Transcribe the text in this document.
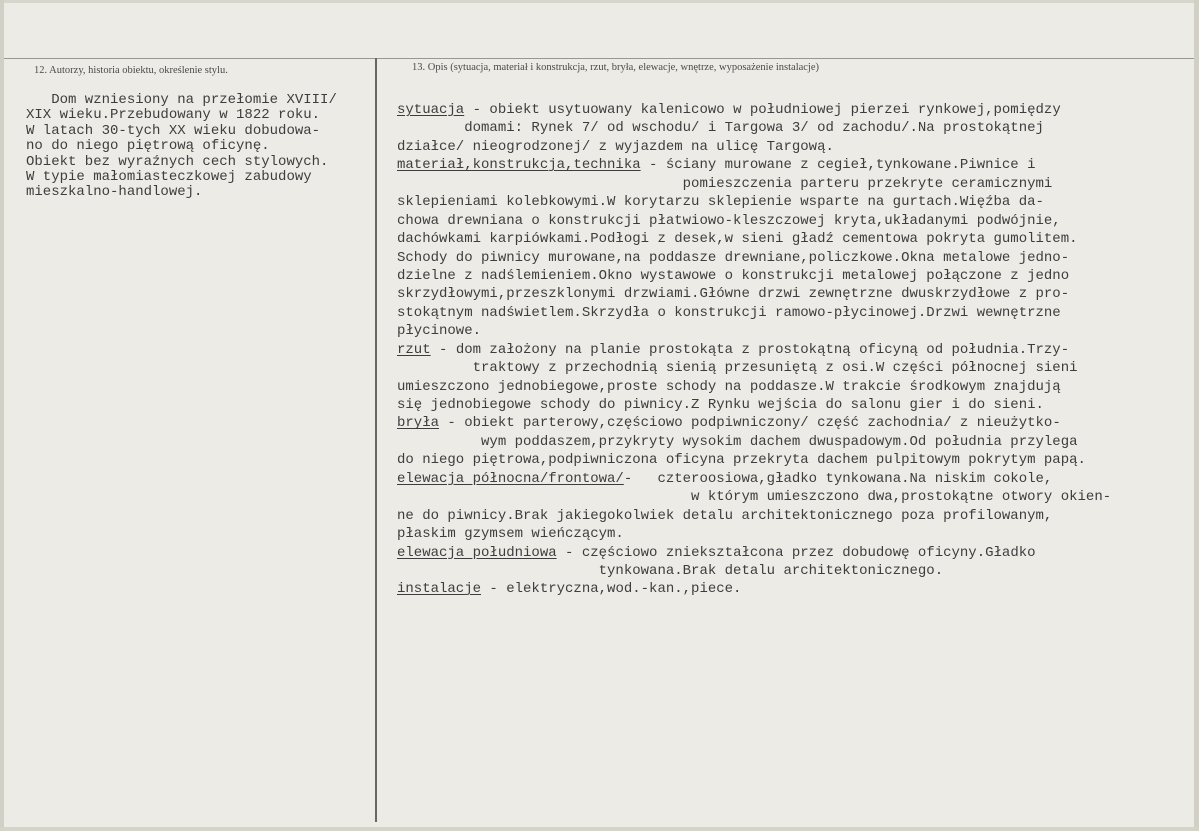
12. Autorzy, historia obiektu, określenie stylu.	13. Opis (sytuacja, materiał i konstrukcja, rzut, bryła, elewacje, wnętrze, wyposażenie instalacje)
Dom wzniesiony na przełomie XVIII/
XIX wieku.Przebudowany w 1822 roku.
W latach 30-tych XX wieku dobudowa-
no do niego piętrową oficynę.
Obiekt bez wyraźnych cech stylowych.
W typie małomiasteczkowej zabudowy
mieszkalno-handlowej.
sytuacja - obiekt usytuowany kalenicowo w południowej pierzei rynkowej,pomiędzy
domami: Rynek 7/ od wschodu/ i Targowa 3/ od zachodu/.Na prostokątnej
działce/ nieogrodzonej/ z wyjazdem na ulicę Targową.
materiał,konstrukcja,technika - ściany murowane z cegieł,tynkowane.Piwnice i
pomieszczenia parteru przekryte ceramicznymi
sklepieniami kolebkowymi.W korytarzu sklepienie wsparte na gurtach.Więźba da-
chowa drewniana o konstrukcji płatwiowo-kleszczowej kryta,układanymi podwójnie,
dachówkami karpiówkami.Podłogi z desek,w sieni gładź cementowa pokryta gumolitem.
Schody do piwnicy murowane,na poddasze drewniane,policzkowe.Okna metalowe jedno-
dzielne z nadślemieniem.Okno wystawowe o konstrukcji metalowej połączone z jedno
skrzydłowymi,przeszklonymi drzwiami.Główne drzwi zewnętrzne dwuskrzydłowe z pro-
stokątnym nadświetlem.Skrzydła o konstrukcji ramowo-płycinowej.Drzwi wewnętrzne
płycinowe.
rzut - dom założony na planie prostokąta z prostokątną oficyną od południa.Trzy-
traktowy z przechodnią sienią przesuniętą z osi.W części północnej sieni
umieszczono jednobiegowe,proste schody na poddasze.W trakcie środkowym znajdują
się jednobiegowe schody do piwnicy.Z Rynku wejścia do salonu gier i do sieni.
bryła - obiekt parterowy,częściowo podpiwniczony/ część zachodnia/ z nieużytko-
wym poddaszem,przykryty wysokim dachem dwuspadowym.Od południa przylega
do niego piętrowa,podpiwniczona oficyna przekryta dachem pulpitowym pokrytym papą.
elewacja północna/frontowa/-   czteroosiowa,gładko tynkowana.Na niskim cokole,
w którym umieszczono dwa,prostokątne otwory okien-
ne do piwnicy.Brak jakiegokolwiek detalu architektonicznego poza profilowanym,
płaskim gzymsem wieńczącym.
elewacja południowa - częściowo zniekształcona przez dobudowę oficyny.Gładko
tynkowana.Brak detalu architektonicznego.
instalacje - elektryczna,wod.-kan.,piece.
